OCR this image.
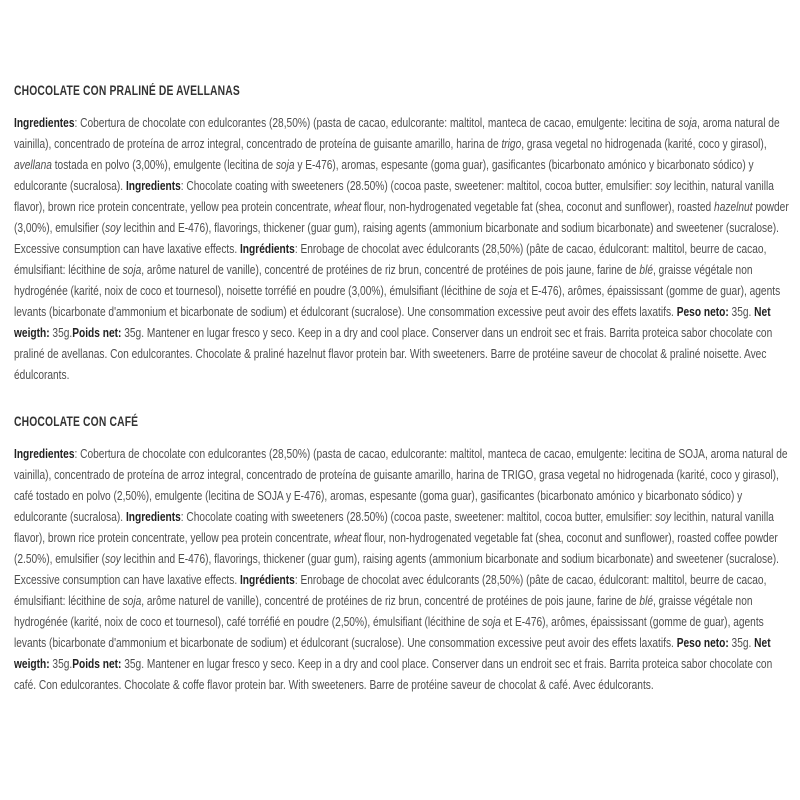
CHOCOLATE CON PRALINÉ DE AVELLANAS

Ingredientes: Cobertura de chocolate con edulcorantes (28,50%) (pasta de cacao, edulcorante: maltitol, manteca de cacao, emulgente: lecitina de soja, aroma natural de vainilla), concentrado de proteína de arroz integral, concentrado de proteína de guisante amarillo, harina de trigo, grasa vegetal no hidrogenada (karité, coco y girasol), avellana tostada en polvo (3,00%), emulgente (lecitina de soja y E-476), aromas, espesante (goma guar), gasificantes (bicarbonato amónico y bicarbonato sódico) y edulcorante (sucralosa). Ingredients: Chocolate coating with sweeteners (28.50%) (cocoa paste, sweetener: maltitol, cocoa butter, emulsifier: soy lecithin, natural vanilla flavor), brown rice protein concentrate, yellow pea protein concentrate, wheat flour, non-hydrogenated vegetable fat (shea, coconut and sunflower), roasted hazelnut powder (3,00%), emulsifier (soy lecithin and E-476), flavorings, thickener (guar gum), raising agents (ammonium bicarbonate and sodium bicarbonate) and sweetener (sucralose). Excessive consumption can have laxative effects. Ingrédients: Enrobage de chocolat avec édulcorants (28,50%) (pâte de cacao, édulcorant: maltitol, beurre de cacao, émulsifiant: lécithine de soja, arôme naturel de vanille), concentré de protéines de riz brun, concentré de protéines de pois jaune, farine de blé, graisse végétale non hydrogénée (karité, noix de coco et tournesol), noisette torréfié en poudre (3,00%), émulsifiant (lécithine de soja et E-476), arômes, épaississant (gomme de guar), agents levants (bicarbonate d'ammonium et bicarbonate de sodium) et édulcorant (sucralose). Une consommation excessive peut avoir des effets laxatifs. Peso neto: 35g. Net weigth: 35g.Poids net: 35g. Mantener en lugar fresco y seco. Keep in a dry and cool place. Conserver dans un endroit sec et frais. Barrita proteica sabor chocolate con praliné de avellanas. Con edulcorantes. Chocolate & praliné hazelnut flavor protein bar. With sweeteners. Barre de protéine saveur de chocolat & praliné noisette. Avec édulcorants.

CHOCOLATE CON CAFÉ

Ingredientes: Cobertura de chocolate con edulcorantes (28,50%) (pasta de cacao, edulcorante: maltitol, manteca de cacao, emulgente: lecitina de SOJA, aroma natural de vainilla), concentrado de proteína de arroz integral, concentrado de proteína de guisante amarillo, harina de TRIGO, grasa vegetal no hidrogenada (karité, coco y girasol), café tostado en polvo (2,50%), emulgente (lecitina de SOJA y E-476), aromas, espesante (goma guar), gasificantes (bicarbonato amónico y bicarbonato sódico) y edulcorante (sucralosa). Ingredients: Chocolate coating with sweeteners (28.50%) (cocoa paste, sweetener: maltitol, cocoa butter, emulsifier: soy lecithin, natural vanilla flavor), brown rice protein concentrate, yellow pea protein concentrate, wheat flour, non-hydrogenated vegetable fat (shea, coconut and sunflower), roasted coffee powder (2.50%), emulsifier (soy lecithin and E-476), flavorings, thickener (guar gum), raising agents (ammonium bicarbonate and sodium bicarbonate) and sweetener (sucralose). Excessive consumption can have laxative effects. Ingrédients: Enrobage de chocolat avec édulcorants (28,50%) (pâte de cacao, édulcorant: maltitol, beurre de cacao, émulsifiant: lécithine de soja, arôme naturel de vanille), concentré de protéines de riz brun, concentré de protéines de pois jaune, farine de blé, graisse végétale non hydrogénée (karité, noix de coco et tournesol), café torréfié en poudre (2,50%), émulsifiant (lécithine de soja et E-476), arômes, épaississant (gomme de guar), agents levants (bicarbonate d'ammonium et bicarbonate de sodium) et édulcorant (sucralose). Une consommation excessive peut avoir des effets laxatifs. Peso neto: 35g. Net weigth: 35g.Poids net: 35g. Mantener en lugar fresco y seco. Keep in a dry and cool place. Conserver dans un endroit sec et frais. Barrita proteica sabor chocolate con café. Con edulcorantes. Chocolate & coffe flavor protein bar. With sweeteners. Barre de protéine saveur de chocolat & café. Avec édulcorants.
